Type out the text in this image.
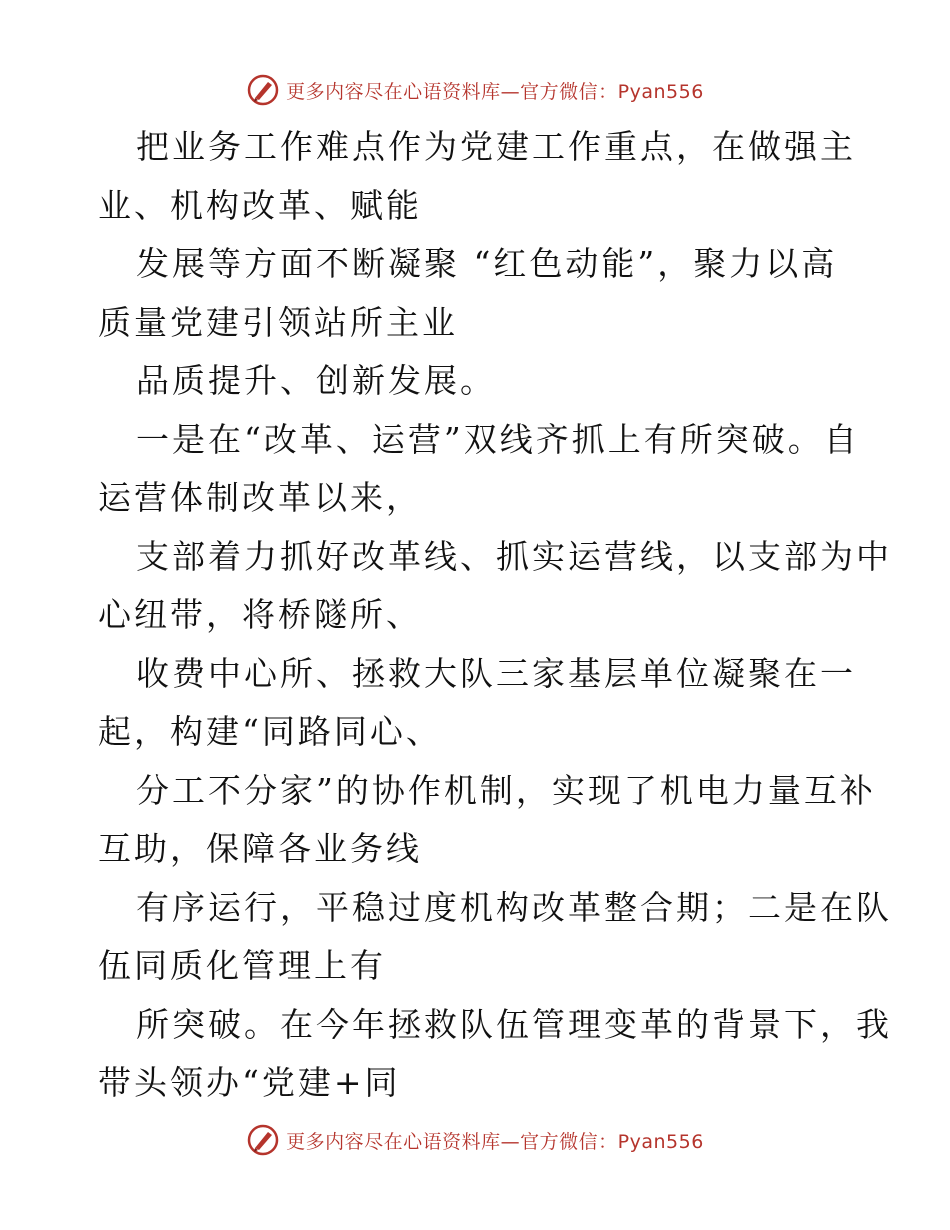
更多内容尽在心语资料库—官方微信：Pyan556
把业务工作难点作为党建工作重点，在做强主
业、机构改革、赋能
发展等方面不断凝聚 “红色动能”，聚力以高
质量党建引领站所主业
品质提升、创新发展。
一是在“改革、运营”双线齐抓上有所突破。自
运营体制改革以来，
支部着力抓好改革线、抓实运营线，以支部为中
心纽带，将桥隧所、
收费中心所、拯救大队三家基层单位凝聚在一
起，构建“同路同心、
分工不分家”的协作机制，实现了机电力量互补
互助，保障各业务线
有序运行，平稳过度机构改革整合期；二是在队
伍同质化管理上有
所突破。在今年拯救队伍管理变革的背景下，我
带头领办“党建+同
更多内容尽在心语资料库—官方微信：Pyan556
